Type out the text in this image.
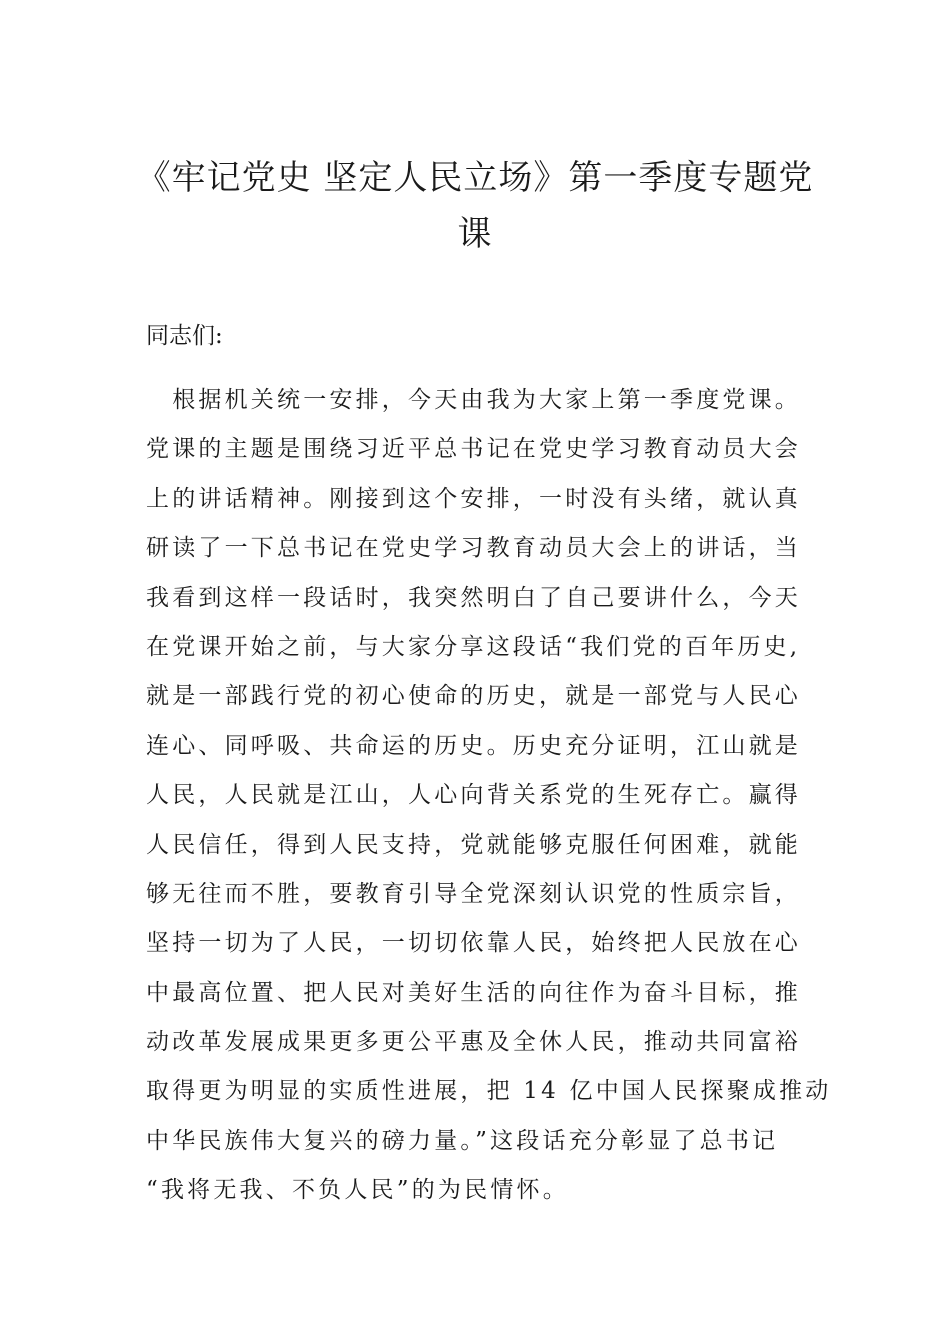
《牢记党史 坚定人民立场》第一季度专题党课
同志们:
　根据机关统一安排，今天由我为大家上第一季度党课。
党课的主题是围绕习近平总书记在党史学习教育动员大会
上的讲话精神。刚接到这个安排，一时没有头绪，就认真
研读了一下总书记在党史学习教育动员大会上的讲话，当
我看到这样一段话时，我突然明白了自己要讲什么，今天
在党课开始之前，与大家分享这段话“我们党的百年历史,
就是一部践行党的初心使命的历史，就是一部党与人民心
连心、同呼吸、共命运的历史。历史充分证明，江山就是
人民，人民就是江山，人心向背关系党的生死存亡。赢得
人民信任，得到人民支持，党就能够克服任何困难，就能
够无往而不胜，要教育引导全党深刻认识党的性质宗旨，
坚持一切为了人民，一切切依靠人民，始终把人民放在心
中最高位置、把人民对美好生活的向往作为奋斗目标，推
动改革发展成果更多更公平惠及全休人民，推动共同富裕
取得更为明显的实质性进展，把 14 亿中国人民探聚成推动
中华民族伟大复兴的磅力量。”这段话充分彰显了总书记
“我将无我、不负人民”的为民情怀。
